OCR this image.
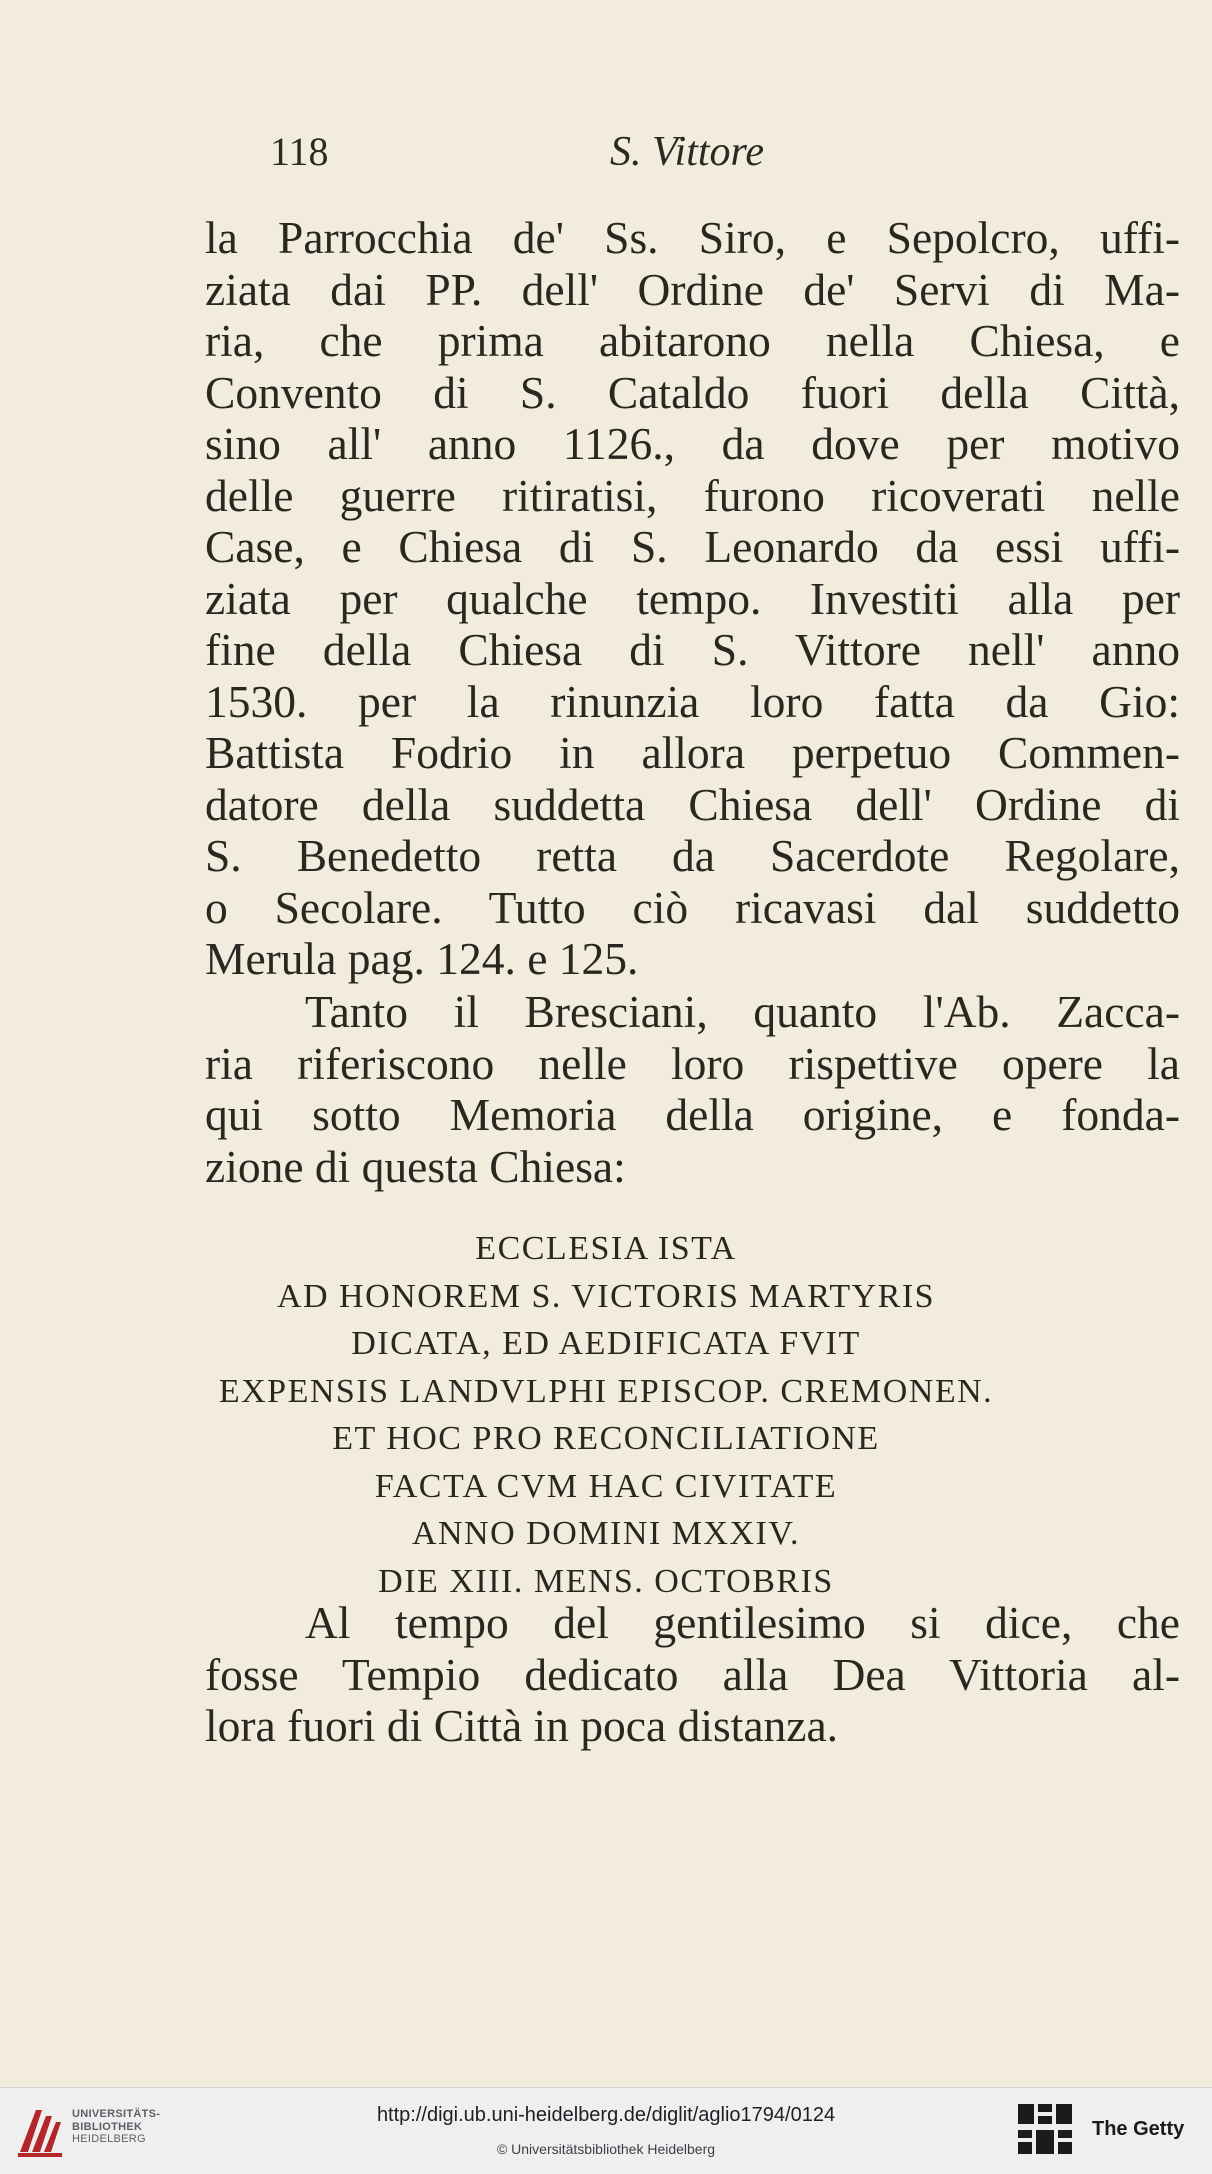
118	S. Vittore
la Parrocchia de' Ss. Siro, e Sepolcro, uffi-
ziata dai PP. dell' Ordine de' Servi di Ma-
ria, che prima abitarono nella Chiesa, e
Convento di S. Cataldo fuori della Città,
sino all' anno 1126., da dove per motivo
delle guerre ritiratisi, furono ricoverati nelle
Case, e Chiesa di S. Leonardo da essi uffi-
ziata per qualche tempo. Investiti alla per
fine della Chiesa di S. Vittore nell' anno
1530. per la rinunzia loro fatta da Gio:
Battista Fodrio in allora perpetuo Commen-
datore della suddetta Chiesa dell' Ordine di
S. Benedetto retta da Sacerdote Regolare,
o Secolare. Tutto ciò ricavasi dal suddetto
Merula pag. 124. e 125.
Tanto il Bresciani, quanto l'Ab. Zacca-
ria riferiscono nelle loro rispettive opere la
qui sotto Memoria della origine, e fonda-
zione di questa Chiesa:
ECCLESIA ISTA
AD HONOREM S. VICTORIS MARTYRIS
DICATA, ED AEDIFICATA FVIT
EXPENSIS LANDVLPHI EPISCOP. CREMONEN.
ET HOC PRO RECONCILIATIONE
FACTA CVM HAC CIVITATE
ANNO DOMINI MXXIV.
DIE XIII. MENS. OCTOBRIS
Al tempo del gentilesimo si dice, che
fosse Tempio dedicato alla Dea Vittoria al-
lora fuori di Città in poca distanza.
UNIVERSITÄTS-
BIBLIOTHEK
HEIDELBERG
http://digi.ub.uni-heidelberg.de/diglit/aglio1794/0124
© Universitätsbibliothek Heidelberg
The Getty
